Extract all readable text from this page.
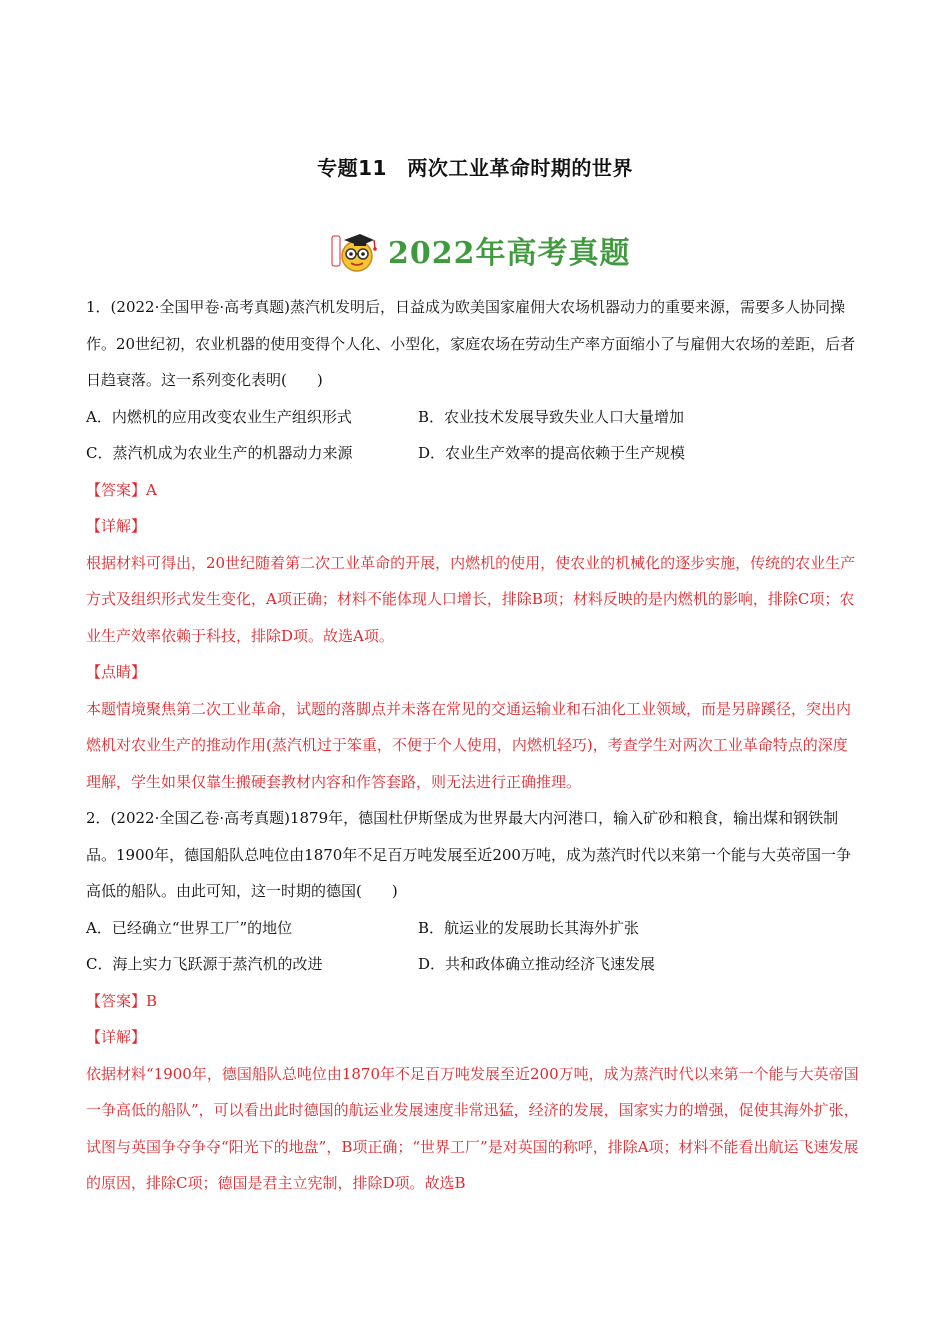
专题11　两次工业革命时期的世界
2022年高考真题

1．(2022·全国甲卷·高考真题)蒸汽机发明后，日益成为欧美国家雇佣大农场机器动力的重要来源，需要多人协同操作。20世纪初，农业机器的使用变得个人化、小型化，家庭农场在劳动生产率方面缩小了与雇佣大农场的差距，后者日趋衰落。这一系列变化表明(　　)

A．内燃机的应用改变农业生产组织形式	B．农业技术发展导致失业人口大量增加
C．蒸汽机成为农业生产的机器动力来源	D．农业生产效率的提高依赖于生产规模

【答案】A

【详解】

根据材料可得出，20世纪随着第二次工业革命的开展，内燃机的使用，使农业的机械化的逐步实施，传统的农业生产方式及组织形式发生变化，A项正确；材料不能体现人口增长，排除B项；材料反映的是内燃机的影响，排除C项；农业生产效率依赖于科技，排除D项。故选A项。

【点睛】

本题情境聚焦第二次工业革命，试题的落脚点并未落在常见的交通运输业和石油化工业领域，而是另辟蹊径，突出内燃机对农业生产的推动作用(蒸汽机过于笨重，不便于个人使用，内燃机轻巧)，考查学生对两次工业革命特点的深度理解，学生如果仅靠生搬硬套教材内容和作答套路，则无法进行正确推理。

2．(2022·全国乙卷·高考真题)1879年，德国杜伊斯堡成为世界最大内河港口，输入矿砂和粮食，输出煤和钢铁制品。1900年，德国船队总吨位由1870年不足百万吨发展至近200万吨，成为蒸汽时代以来第一个能与大英帝国一争高低的船队。由此可知，这一时期的德国(　　)

A．已经确立“世界工厂”的地位	B．航运业的发展助长其海外扩张
C．海上实力飞跃源于蒸汽机的改进	D．共和政体确立推动经济飞速发展

【答案】B

【详解】

依据材料“1900年，德国船队总吨位由1870年不足百万吨发展至近200万吨，成为蒸汽时代以来第一个能与大英帝国一争高低的船队”，可以看出此时德国的航运业发展速度非常迅猛，经济的发展，国家实力的增强，促使其海外扩张，试图与英国争夺争夺“阳光下的地盘”，B项正确；“世界工厂”是对英国的称呼，排除A项；材料不能看出航运飞速发展的原因，排除C项；德国是君主立宪制，排除D项。故选B
